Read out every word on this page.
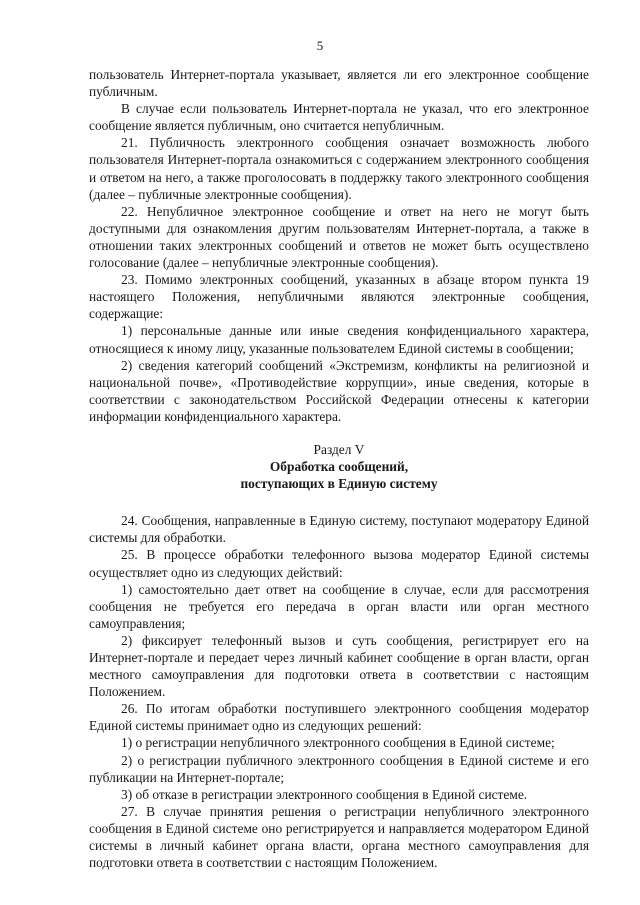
5

пользователь Интернет-портала указывает, является ли его электронное сообщение публичным.

В случае если пользователь Интернет-портала не указал, что его электронное сообщение является публичным, оно считается непубличным.

21. Публичность электронного сообщения означает возможность любого пользователя Интернет-портала ознакомиться с содержанием электронного сообщения и ответом на него, а также проголосовать в поддержку такого электронного сообщения (далее – публичные электронные сообщения).

22. Непубличное электронное сообщение и ответ на него не могут быть доступными для ознакомления другим пользователям Интернет-портала, а также в отношении таких электронных сообщений и ответов не может быть осуществлено голосование (далее – непубличные электронные сообщения).

23. Помимо электронных сообщений, указанных в абзаце втором пункта 19 настоящего Положения, непубличными являются электронные сообщения, содержащие:

1) персональные данные или иные сведения конфиденциального характера, относящиеся к иному лицу, указанные пользователем Единой системы в сообщении;

2) сведения категорий сообщений «Экстремизм, конфликты на религиозной и национальной почве», «Противодействие коррупции», иные сведения, которые в соответствии с законодательством Российской Федерации отнесены к категории информации конфиденциального характера.

Раздел V
Обработка сообщений,
поступающих в Единую систему

24. Сообщения, направленные в Единую систему, поступают модератору Единой системы для обработки.

25. В процессе обработки телефонного вызова модератор Единой системы осуществляет одно из следующих действий:

1) самостоятельно дает ответ на сообщение в случае, если для рассмотрения сообщения не требуется его передача в орган власти или орган местного самоуправления;

2) фиксирует телефонный вызов и суть сообщения, регистрирует его на Интернет-портале и передает через личный кабинет сообщение в орган власти, орган местного самоуправления для подготовки ответа в соответствии с настоящим Положением.

26. По итогам обработки поступившего электронного сообщения модератор Единой системы принимает одно из следующих решений:

1) о регистрации непубличного электронного сообщения в Единой системе;

2) о регистрации публичного электронного сообщения в Единой системе и его публикации на Интернет-портале;

3) об отказе в регистрации электронного сообщения в Единой системе.

27. В случае принятия решения о регистрации непубличного электронного сообщения в Единой системе оно регистрируется и направляется модератором Единой системы в личный кабинет органа власти, органа местного самоуправления для подготовки ответа в соответствии с настоящим Положением.
